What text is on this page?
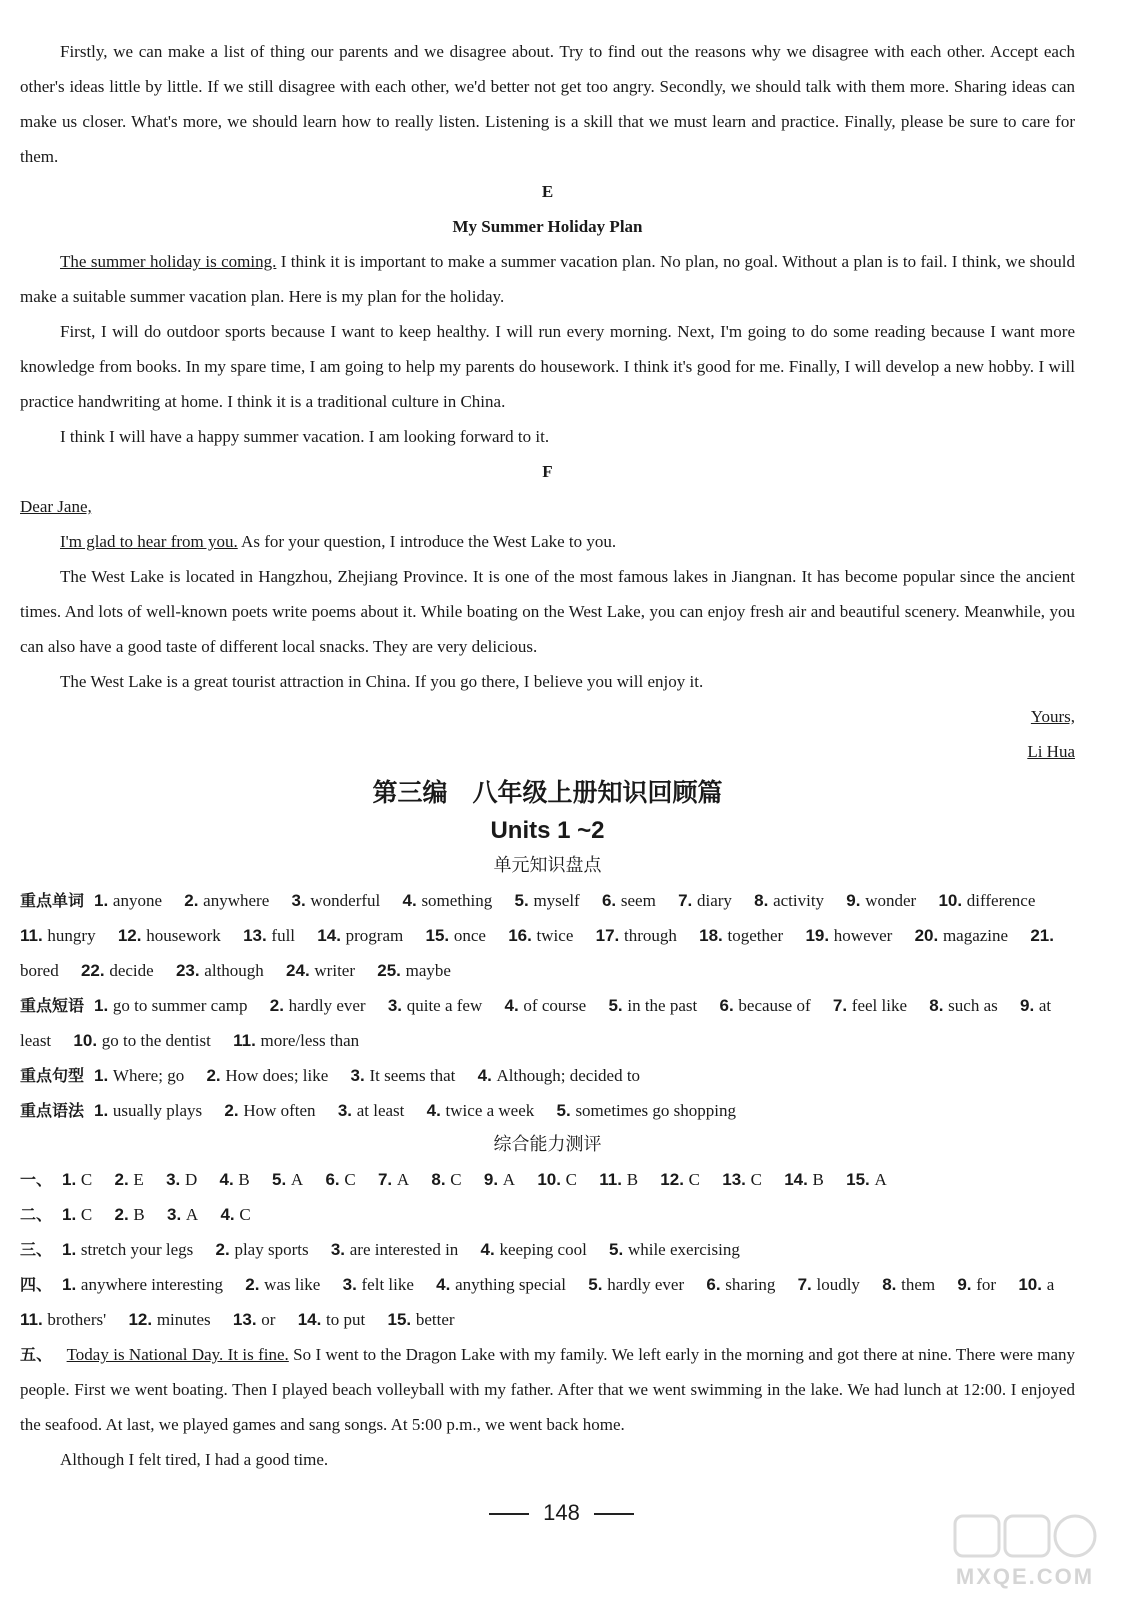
Firstly, we can make a list of thing our parents and we disagree about. Try to find out the reasons why we disagree with each other. Accept each other's ideas little by little. If we still disagree with each other, we'd better not get too angry. Secondly, we should talk with them more. Sharing ideas can make us closer. What's more, we should learn how to really listen. Listening is a skill that we must learn and practice. Finally, please be sure to care for them.

E

My Summer Holiday Plan

The summer holiday is coming. I think it is important to make a summer vacation plan. No plan, no goal. Without a plan is to fail. I think, we should make a suitable summer vacation plan. Here is my plan for the holiday.

First, I will do outdoor sports because I want to keep healthy. I will run every morning. Next, I'm going to do some reading because I want more knowledge from books. In my spare time, I am going to help my parents do housework. I think it's good for me. Finally, I will develop a new hobby. I will practice handwriting at home. I think it is a traditional culture in China.

I think I will have a happy summer vacation. I am looking forward to it.

F

Dear Jane,

I'm glad to hear from you. As for your question, I introduce the West Lake to you.

The West Lake is located in Hangzhou, Zhejiang Province. It is one of the most famous lakes in Jiangnan. It has become popular since the ancient times. And lots of well-known poets write poems about it. While boating on the West Lake, you can enjoy fresh air and beautiful scenery. Meanwhile, you can also have a good taste of different local snacks. They are very delicious.

The West Lake is a great tourist attraction in China. If you go there, I believe you will enjoy it.

Yours,

Li Hua

第三编　八年级上册知识回顾篇

Units 1 ~2

单元知识盘点

重点单词 1. anyone 2. anywhere 3. wonderful 4. something 5. myself 6. seem 7. diary 8. activity 9. wonder 10. difference 11. hungry 12. housework 13. full 14. program 15. once 16. twice 17. through 18. together 19. however 20. magazine 21. bored 22. decide 23. although 24. writer 25. maybe
重点短语 1. go to summer camp 2. hardly ever 3. quite a few 4. of course 5. in the past 6. because of 7. feel like 8. such as 9. at least 10. go to the dentist 11. more/less than
重点句型 1. Where; go 2. How does; like 3. It seems that 4. Although; decided to
重点语法 1. usually plays 2. How often 3. at least 4. twice a week 5. sometimes go shopping

综合能力测评

一、 1. C 2. E 3. D 4. B 5. A 6. C 7. A 8. C 9. A 10. C 11. B 12. C 13. C 14. B 15. A
二、 1. C 2. B 3. A 4. C
三、 1. stretch your legs 2. play sports 3. are interested in 4. keeping cool 5. while exercising
四、 1. anywhere interesting 2. was like 3. felt like 4. anything special 5. hardly ever 6. sharing 7. loudly 8. them 9. for 10. a 11. brothers' 12. minutes 13. or 14. to put 15. better
五、 Today is National Day. It is fine. So I went to the Dragon Lake with my family. We left early in the morning and got there at nine. There were many people. First we went boating. Then I played beach volleyball with my father. After that we went swimming in the lake. We had lunch at 12:00. I enjoyed the seafood. At last, we played games and sang songs. At 5:00 p.m., we went back home.

Although I felt tired, I had a good time.

148
MXQE.COM
